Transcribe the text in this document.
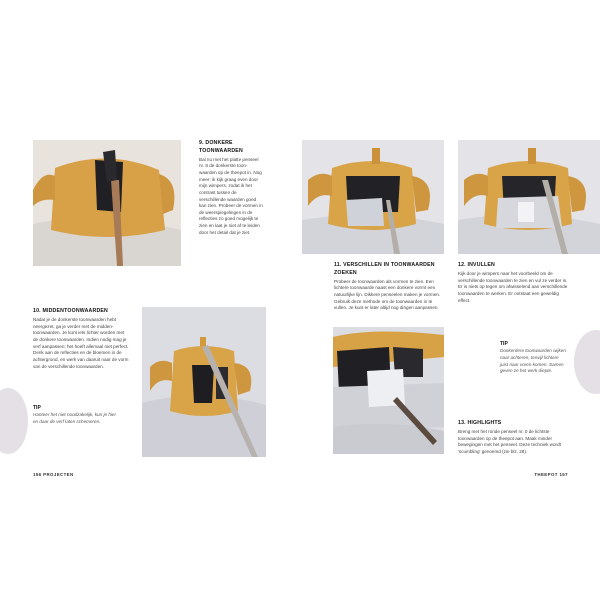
9. DONKERE TOONWAARDEN

Bal nu met het platte penseel nr. 8 de donkerste toon-waarden op de theepot in. Nog meer: ik kijk graag even door mijn wimpers, zodat ik het contrast tussen de verschillende waarden goed kan zien. Probeer de vormen in de weerspiegelingen in de reflecties zo goed mogelijk te zien en laat je niet af te leiden door het detail dat je ziet.

10. MIDDENTOONWAARDEN

Nadat je de donkerste toonwaarden hebt neergezet, ga je verder met de midden-toonwaarden. Je kunt iets lichter worden met de donkere toonwaarden. Indien nodig mag je verf aanpassen; het hoeft allemaal niet perfect. Denk aan de reflecties en de bloemen in de achtergrond, en werk van daaruit naar de vorm van de verschillende toonwaarden.

TIP
Hanteer het niet noodzakelijk, kun je hier en daar de verf laten schemeren.
11. VERSCHILLEN IN TOONWAARDEN ZOEKEN

Probeer de toonwaarden als vormen te zien. Een lichtere toonwaarde naast een donkere vormt een natuurlijke lijn. Dikkere penseelen maken je vormen. Gebruik deze methode om de toonwaarden in te vullen. Je kunt er later altijd nog dingen aanpassen.

12. INVULLEN

Kijk door je wimpers naar het voorbeeld om de verschillende toonwaarden te zien en vul ze verder in. Er is niets op tegen om afwisselend aan verschillende toonwaarden te werken. Er ontstaat een geweldig effect.

TIP
Donkerdere toonwaarden wijken naar achteren, terwijl lichtere juist naar voren komen. Samen geven ze het werk diepte.
13. HIGHLIGHTS

Breng met het ronde penseel nr. 0 de lichtste toonwaarden op de theepot aan. Maak minder bewegingen met het penseel. Deze techniek wordt 'scumbling' genoemd (zie blz. 28).

156 PROJECTEN	THEEPOT 157
